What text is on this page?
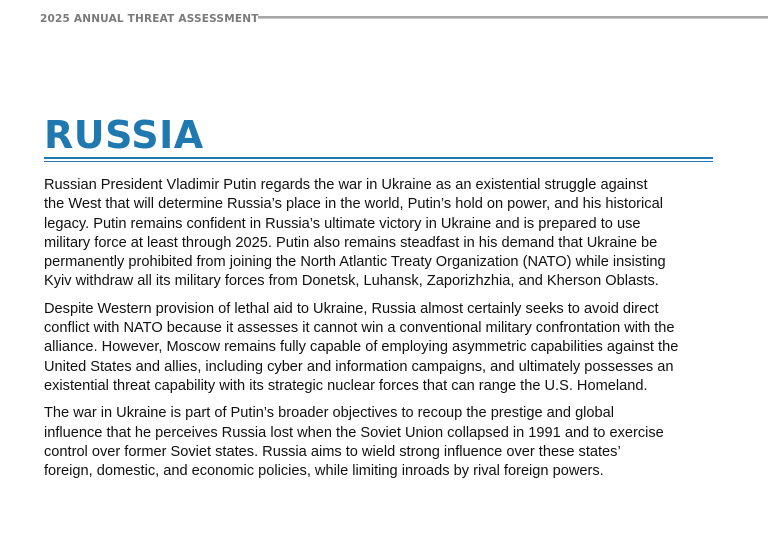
2025 ANNUAL THREAT ASSESSMENT
RUSSIA

Russian President Vladimir Putin regards the war in Ukraine as an existential struggle against
the West that will determine Russia’s place in the world, Putin’s hold on power, and his historical
legacy. Putin remains confident in Russia’s ultimate victory in Ukraine and is prepared to use
military force at least through 2025. Putin also remains steadfast in his demand that Ukraine be
permanently prohibited from joining the North Atlantic Treaty Organization (NATO) while insisting
Kyiv withdraw all its military forces from Donetsk, Luhansk, Zaporizhzhia, and Kherson Oblasts.

Despite Western provision of lethal aid to Ukraine, Russia almost certainly seeks to avoid direct
conflict with NATO because it assesses it cannot win a conventional military confrontation with the
alliance. However, Moscow remains fully capable of employing asymmetric capabilities against the
United States and allies, including cyber and information campaigns, and ultimately possesses an
existential threat capability with its strategic nuclear forces that can range the U.S. Homeland.

The war in Ukraine is part of Putin’s broader objectives to recoup the prestige and global
influence that he perceives Russia lost when the Soviet Union collapsed in 1991 and to exercise
control over former Soviet states. Russia aims to wield strong influence over these states’
foreign, domestic, and economic policies, while limiting inroads by rival foreign powers.
